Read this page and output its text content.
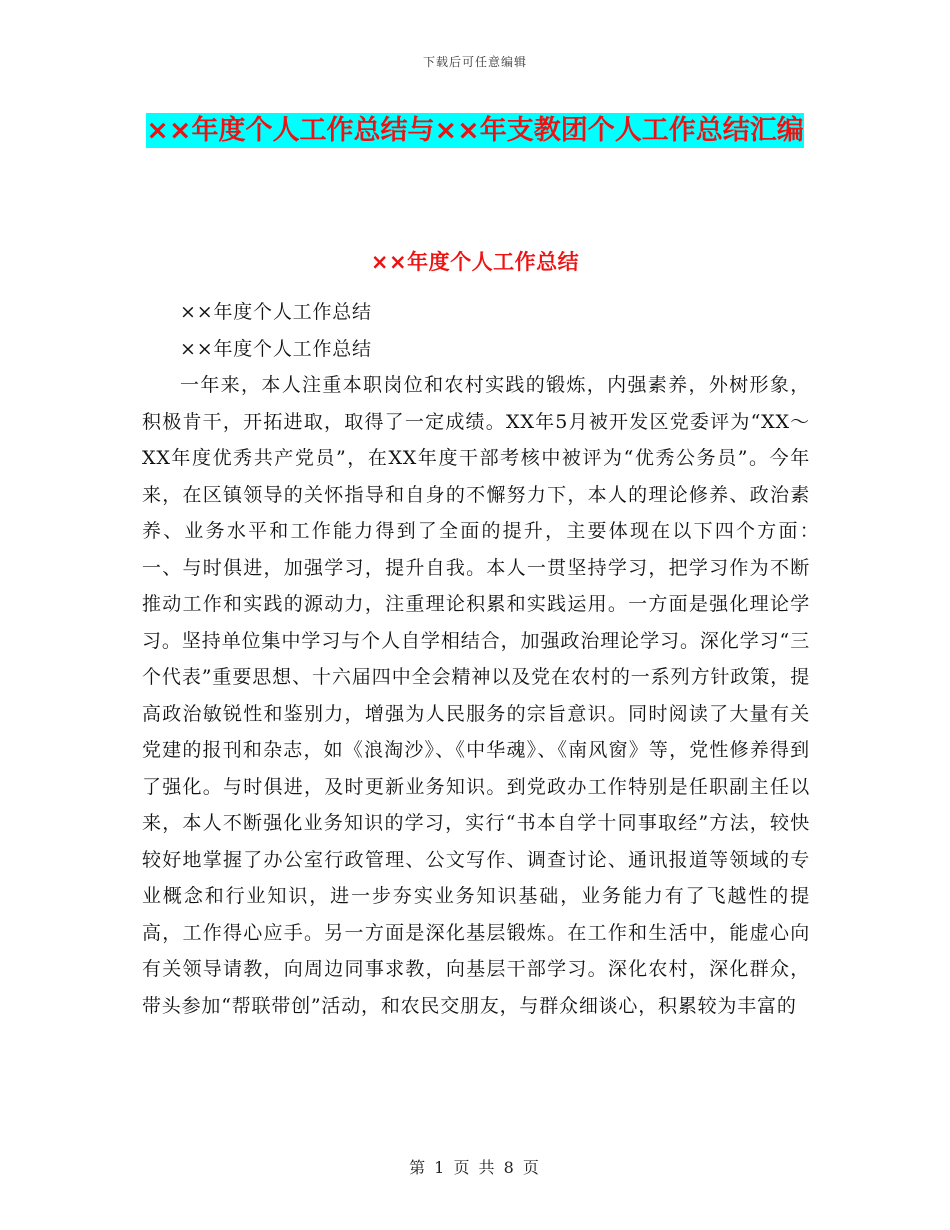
下载后可任意编辑
××年度个人工作总结与××年支教团个人工作总结汇编
××年度个人工作总结

××年度个人工作总结

××年度个人工作总结

一年来，本人注重本职岗位和农村实践的锻炼，内强素养，外树形象，积极肯干，开拓进取，取得了一定成绩。XX年5月被开发区党委评为“XX～XX年度优秀共产党员”，在XX年度干部考核中被评为“优秀公务员”。今年来，在区镇领导的关怀指导和自身的不懈努力下，本人的理论修养、政治素养、业务水平和工作能力得到了全面的提升，主要体现在以下四个方面：　　一、与时俱进，加强学习，提升自我。本人一贯坚持学习，把学习作为不断推动工作和实践的源动力，注重理论积累和实践运用。一方面是强化理论学习。坚持单位集中学习与个人自学相结合，加强政治理论学习。深化学习“三个代表”重要思想、十六届四中全会精神以及党在农村的一系列方针政策，提高政治敏锐性和鉴别力，增强为人民服务的宗旨意识。同时阅读了大量有关党建的报刊和杂志，如《浪淘沙》、《中华魂》、《南风窗》等，党性修养得到了强化。与时俱进，及时更新业务知识。到党政办工作特别是任职副主任以来，本人不断强化业务知识的学习，实行“书本自学十同事取经”方法，较快较好地掌握了办公室行政管理、公文写作、调查讨论、通讯报道等领域的专业概念和行业知识，进一步夯实业务知识基础，业务能力有了飞越性的提高，工作得心应手。另一方面是深化基层锻炼。在工作和生活中，能虚心向有关领导请教，向周边同事求教，向基层干部学习。深化农村，深化群众，带头参加“帮联带创”活动，和农民交朋友，与群众细谈心，积累较为丰富的

第 1 页 共 8 页
